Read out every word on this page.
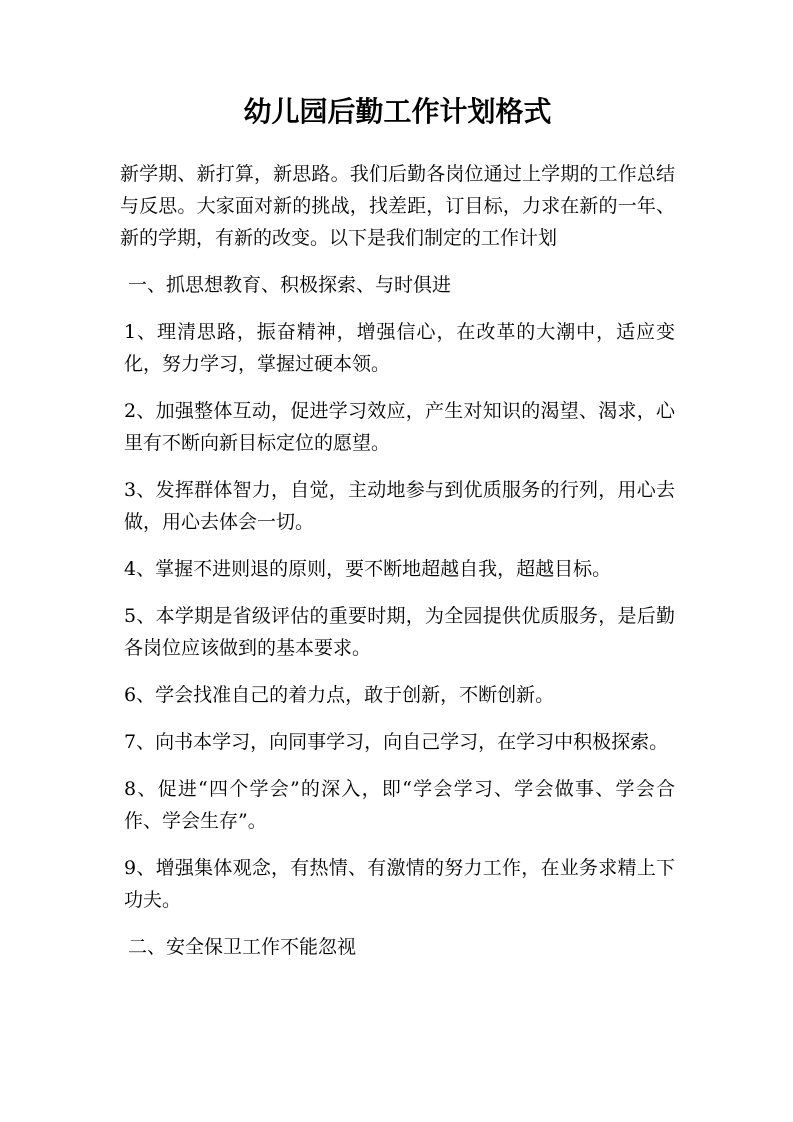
幼儿园后勤工作计划格式

新学期、新打算，新思路。我们后勤各岗位通过上学期的工作总结与反思。大家面对新的挑战，找差距，订目标，力求在新的一年、新的学期，有新的改变。以下是我们制定的工作计划

一、抓思想教育、积极探索、与时俱进

1、理清思路，振奋精神，增强信心，在改革的大潮中，适应变化，努力学习，掌握过硬本领。

2、加强整体互动，促进学习效应，产生对知识的渴望、渴求，心里有不断向新目标定位的愿望。

3、发挥群体智力，自觉，主动地参与到优质服务的行列，用心去做，用心去体会一切。

4、掌握不进则退的原则，要不断地超越自我，超越目标。

5、本学期是省级评估的重要时期，为全园提供优质服务，是后勤各岗位应该做到的基本要求。

6、学会找准自己的着力点，敢于创新，不断创新。

7、向书本学习，向同事学习，向自己学习，在学习中积极探索。

8、促进“四个学会”的深入，即“学会学习、学会做事、学会合作、学会生存”。

9、增强集体观念，有热情、有激情的努力工作，在业务求精上下功夫。

二、安全保卫工作不能忽视
